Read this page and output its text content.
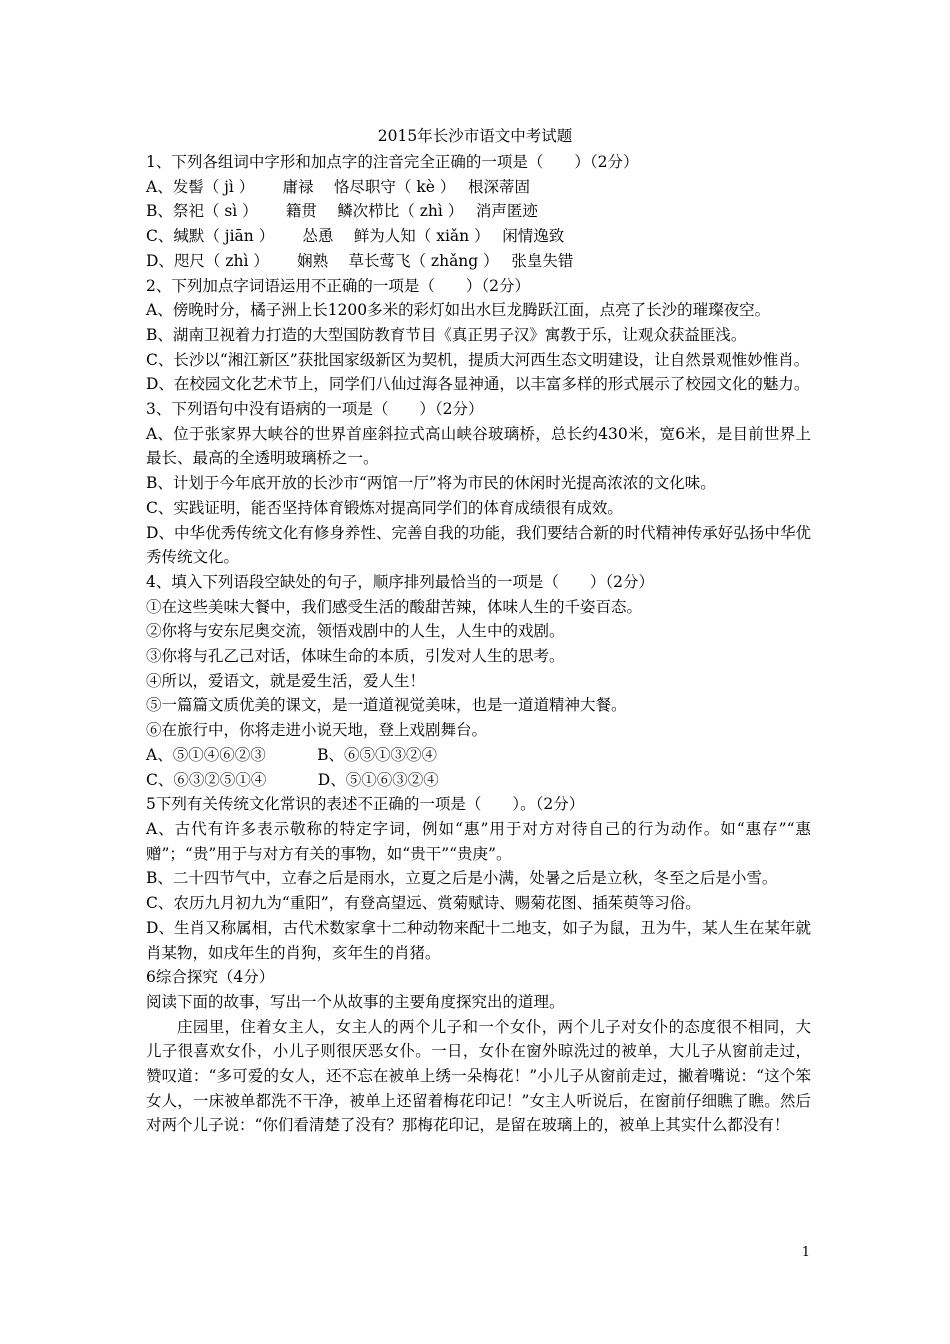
2015年长沙市语文中考试题
1、下列各组词中字形和加点字的注音完全正确的一项是（　　）（2分）
A、发髻（ jì ）　　 庸禄　 恪尽职守（ kè ）　 根深蒂固
B、祭祀（ sì ）　　 籍贯　 鳞次栉比（ zhì ）　 消声匿迹
C、缄默（ jiān ）　　 怂恿　 鲜为人知（ xiǎn ）　 闲情逸致
D、咫尺（ zhì ）　　 娴熟　 草长莺飞（ zhǎng ）　 张皇失错
2、下列加点字词语运用不正确的一项是（　　）（2分）
A、傍晚时分，橘子洲上长1200多米的彩灯如出水巨龙腾跃江面，点亮了长沙的璀璨夜空。
B、湖南卫视着力打造的大型国防教育节目《真正男子汉》寓教于乐，让观众获益匪浅。
C、长沙以“湘江新区”获批国家级新区为契机，提质大河西生态文明建设，让自然景观惟妙惟肖。
D、在校园文化艺术节上，同学们八仙过海各显神通，以丰富多样的形式展示了校园文化的魅力。
3、下列语句中没有语病的一项是（　　）（2分）
A、位于张家界大峡谷的世界首座斜拉式高山峡谷玻璃桥，总长约430米，宽6米，是目前世界上最长、最高的全透明玻璃桥之一。
B、计划于今年底开放的长沙市“两馆一厅”将为市民的休闲时光提高浓浓的文化味。
C、实践证明，能否坚持体育锻炼对提高同学们的体育成绩很有成效。
D、中华优秀传统文化有修身养性、完善自我的功能，我们要结合新的时代精神传承好弘扬中华优秀传统文化。
4、填入下列语段空缺处的句子，顺序排列最恰当的一项是（　　）（2分）
①在这些美味大餐中，我们感受生活的酸甜苦辣，体味人生的千姿百态。
②你将与安东尼奥交流，领悟戏剧中的人生，人生中的戏剧。
③你将与孔乙己对话，体味生命的本质，引发对人生的思考。
④所以，爱语文，就是爱生活，爱人生！
⑤一篇篇文质优美的课文，是一道道视觉美味，也是一道道精神大餐。
⑥在旅行中，你将走进小说天地，登上戏剧舞台。
A、⑤①④⑥②③　　　 B、⑥⑤①③②④
C、⑥③②⑤①④　　　 D、⑤①⑥③②④
5下列有关传统文化常识的表述不正确的一项是（　　）。（2分）
A、古代有许多表示敬称的特定字词，例如“惠”用于对方对待自己的行为动作。如“惠存”“惠赠”；“贵”用于与对方有关的事物，如“贵干”“贵庚”。
B、二十四节气中，立春之后是雨水，立夏之后是小满，处暑之后是立秋，冬至之后是小雪。
C、农历九月初九为“重阳”，有登高望远、赏菊赋诗、赐菊花图、插茱萸等习俗。
D、生肖又称属相，古代术数家拿十二种动物来配十二地支，如子为鼠，丑为牛，某人生在某年就肖某物，如戌年生的肖狗，亥年生的肖猪。
6综合探究（4分）
阅读下面的故事，写出一个从故事的主要角度探究出的道理。
庄园里，住着女主人，女主人的两个儿子和一个女仆，两个儿子对女仆的态度很不相同，大儿子很喜欢女仆，小儿子则很厌恶女仆。一日，女仆在窗外晾洗过的被单，大儿子从窗前走过，赞叹道：“多可爱的女人，还不忘在被单上绣一朵梅花！”小儿子从窗前走过，撇着嘴说：“这个笨女人，一床被单都洗不干净，被单上还留着梅花印记！”女主人听说后，在窗前仔细瞧了瞧。然后对两个儿子说：“你们看清楚了没有？那梅花印记，是留在玻璃上的，被单上其实什么都没有！
1
